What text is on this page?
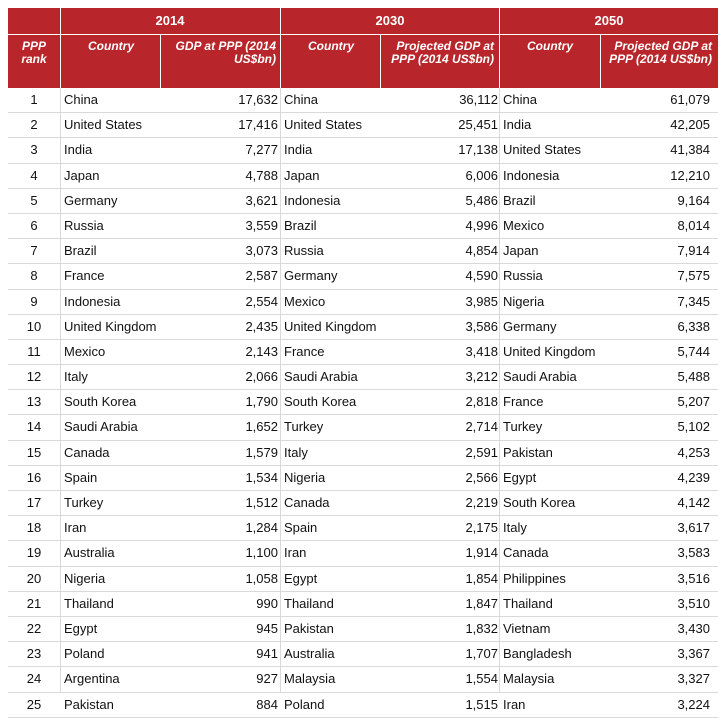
2014	2030	2050
PPP rank
Country	GDP at PPP (2014 US$bn)
Country	Projected GDP at PPP (2014 US$bn)
Country	Projected GDP at PPP (2014 US$bn)
1	China	17,632 China	36,112 China	61,079
2	United States	17,416 United States	25,451 India	42,205
3	India	7,277 India	17,138 United States	41,384
4	Japan	4,788 Japan	6,006 Indonesia	12,210
5	Germany	3,621 Indonesia	5,486 Brazil	9,164
6	Russia	3,559 Brazil	4,996 Mexico	8,014
7	Brazil	3,073 Russia	4,854 Japan	7,914
8	France	2,587 Germany	4,590 Russia	7,575
9	Indonesia	2,554 Mexico	3,985 Nigeria	7,345
10	United Kingdom	2,435 United Kingdom	3,586 Germany	6,338
11	Mexico	2,143 France	3,418 United Kingdom	5,744
12	Italy	2,066 Saudi Arabia	3,212 Saudi Arabia	5,488
13	South Korea	1,790 South Korea	2,818 France	5,207
14	Saudi Arabia	1,652 Turkey	2,714 Turkey	5,102
15	Canada	1,579 Italy	2,591 Pakistan	4,253
16	Spain	1,534 Nigeria	2,566 Egypt	4,239
17	Turkey	1,512 Canada	2,219 South Korea	4,142
18	Iran	1,284 Spain	2,175 Italy	3,617
19	Australia	1,100 Iran	1,914 Canada	3,583
20	Nigeria	1,058 Egypt	1,854 Philippines	3,516
21	Thailand	990 Thailand	1,847 Thailand	3,510
22	Egypt	945 Pakistan	1,832 Vietnam	3,430
23	Poland	941 Australia	1,707 Bangladesh	3,367
24	Argentina	927 Malaysia	1,554 Malaysia	3,327
25	Pakistan	884 Poland	1,515 Iran	3,224
